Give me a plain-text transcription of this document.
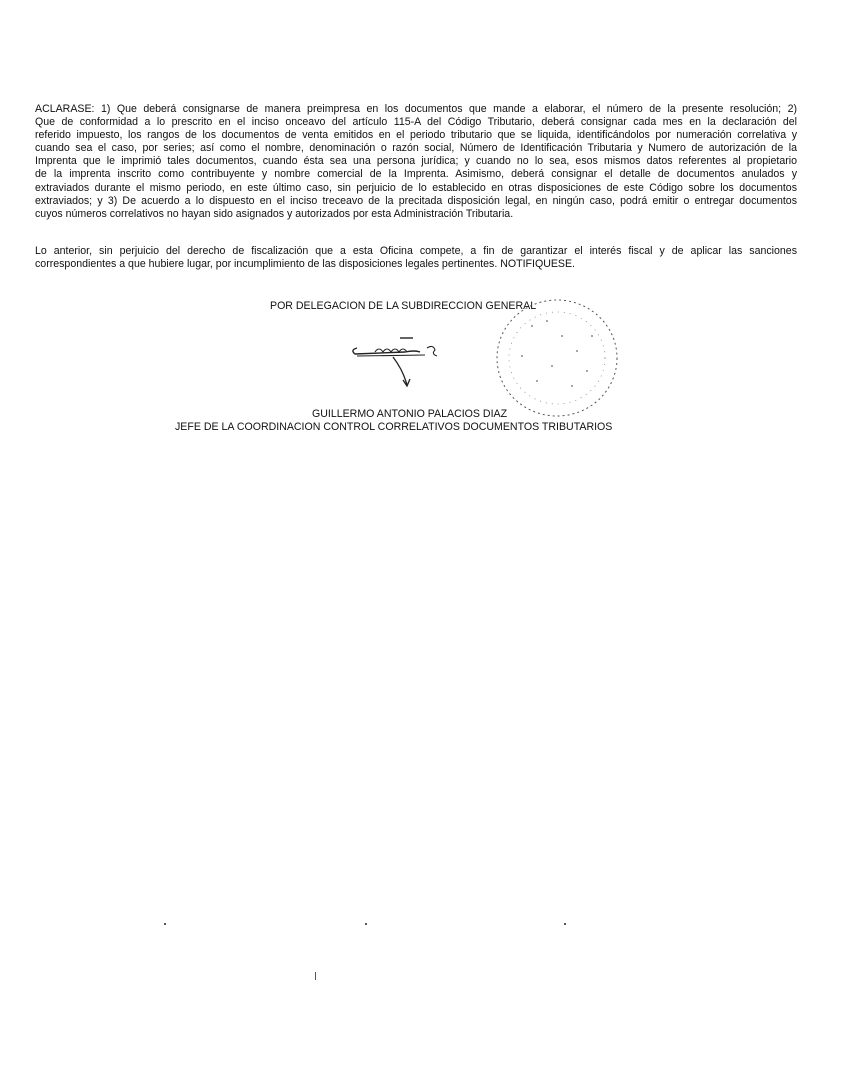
ACLARASE: 1) Que deberá consignarse de manera preimpresa en los documentos que mande a elaborar, el número de la presente resolución; 2)
Que de conformidad a lo prescrito en el inciso onceavo del artículo 115-A del Código Tributario, deberá consignar cada mes en la declaración del
referido impuesto, los rangos de los documentos de venta emitidos en el periodo tributario que se liquida, identificándolos por numeración correlativa y
cuando sea el caso, por series; así como el nombre, denominación o razón social, Número de Identificación Tributaria y Numero de autorización de la
Imprenta que le imprimió tales documentos, cuando ésta sea una persona jurídica; y cuando no lo sea, esos mismos datos referentes al propietario
de la imprenta inscrito como contribuyente y nombre comercial de la Imprenta. Asimismo, deberá consignar el detalle de documentos anulados y
extraviados durante el mismo periodo, en este último caso, sin perjuicio de lo establecido en otras disposiciones de este Código sobre los documentos
extraviados; y 3) De acuerdo a lo dispuesto en el inciso treceavo de la precitada disposición legal, en ningún caso, podrá emitir o entregar documentos
cuyos números correlativos no hayan sido asignados y autorizados por esta Administración Tributaria.
Lo anterior, sin perjuicio del derecho de fiscalización que a esta Oficina compete, a fin de garantizar el interés fiscal y de aplicar las sanciones
correspondientes a que hubiere lugar, por incumplimiento de las disposiciones legales pertinentes. NOTIFIQUESE.
POR DELEGACION DE LA SUBDIRECCION GENERAL
GUILLERMO ANTONIO PALACIOS DIAZ
JEFE DE LA COORDINACION CONTROL CORRELATIVOS DOCUMENTOS TRIBUTARIOS
